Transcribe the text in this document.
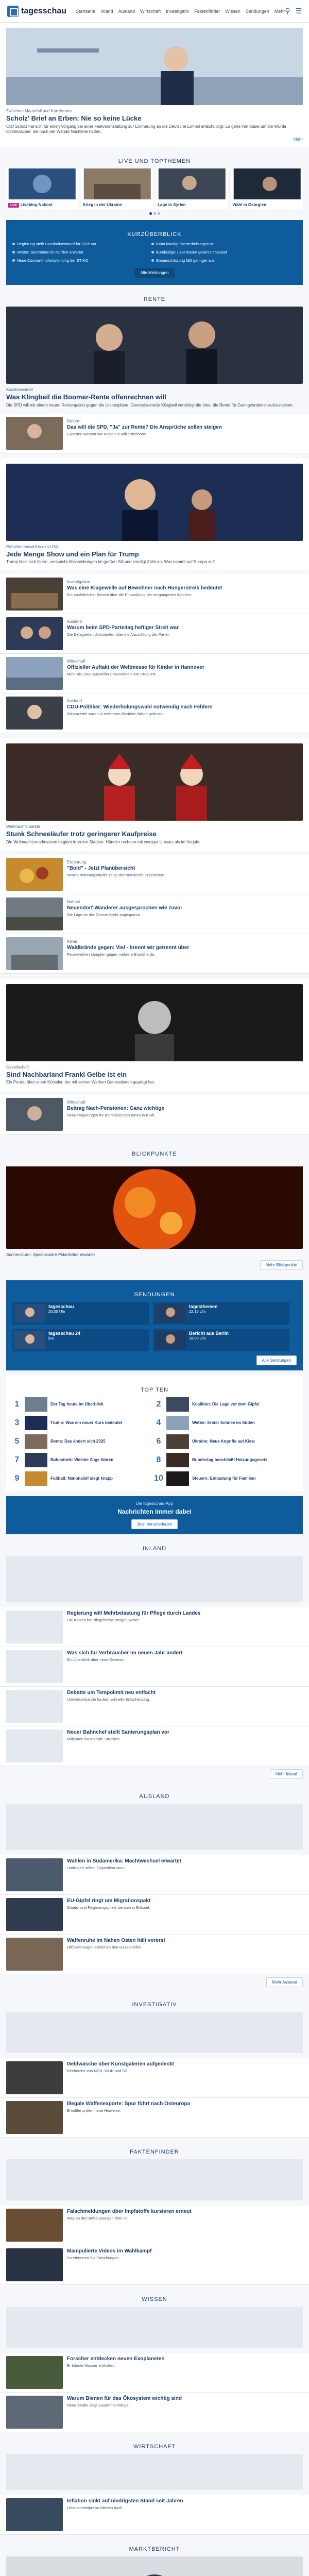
tagesschau Startseite Inland Ausland Wirtschaft Investigativ Faktenfinder Wissen Sendungen Mehr ⚲ ☰
Zwischen Mauerfall und Kanzleramt
Scholz' Brief an Erben: Nie so keine Lücke
Olaf Scholz hat sich für einen Vorgang bei einer Festveranstaltung zur Erinnerung an die Deutsche Einheit entschuldigt. Es gehe ihm dabei um die Würde Ostdeutscher, die nach der Wende Nachteile hatten.
Mehr
LIVE UND TOPTHEMEN
LIVE Liveblog Nahost	Krieg in der Ukraine	Lage in Syrien	Wahl in Georgien
KURZÜBERBLICK
Regierung stellt Haushaltsentwurf für 2025 vor	Bahn kündigt Preiserhöhungen an
Wetter: Sturmböen im Norden erwartet	Bundesliga: Leverkusen gewinnt Topspiel
Neue Corona-Impfempfehlung der STIKO	Steuerschätzung fällt geringer aus
Alle Meldungen
RENTE
Koalitionsstreit
Was Klingbeil die Boomer-Rente offenrechnen will
Die SPD will mit einem neuen Rentenpaket gegen die Unionspläne. Generalsekretär Klingbeil verteidigt die Idee, die Rente für Geringverdiener aufzustocken.
Reform
Das will die SPD, "Ja" zur Rente? Die Ansprüche sollen steigen
Experten warnen vor Kosten in Milliardenhöhe.
Präsidentenwahl in den USA
Jede Menge Show und ein Plan für Trump
Trump lässt sich feiern, verspricht Abschiebungen im großen Stil und kündigt Zölle an. Was kommt auf Europa zu?
Investigation
Was eine Klagewelle auf Bewohner nach Hungerstreik bedeutet
Ein ausführlicher Bericht über die Entwicklung der vergangenen Wochen.
Ausland
Warum beim SPD-Parteitag heftiger Streit war
Die Delegierten diskutierten über die Ausrichtung der Partei.
Wirtschaft
Offizieller Auftakt der Weltmesse für Kinder in Hannover
Mehr als 1000 Aussteller präsentieren ihre Produkte.
Ausland
CDU-Politiker: Wiederholungswahl notwendig nach Fehlern
Stimmzettel waren in mehreren Bezirken falsch gedruckt.
Weihnachtsmärkte
Stunk Schneeläufer trotz geringerer Kaufpreise
Die Weihnachtsmarktsaison beginnt in vielen Städten. Händler rechnen mit weniger Umsatz als im Vorjahr.
Ernährung
"Bold" - Jetzt Planübersicht
Neue Ernährungsstudie zeigt überraschende Ergebnisse.
Nahost
Neuendorf-Wanderer ausgesprochen wie zuvor
Die Lage an der Grenze bleibt angespannt.
Klima
Waldbrände gegen: Viel - brennt wir getrennt über
Feuerwehren kämpfen gegen mehrere Brandherde.
Gesellschaft
Sind Nachbarland Frankl Gelbe ist ein
Ein Porträt über einen Künstler, der mit seinen Werken Generationen geprägt hat.
Wirtschaft
Beitrag Nach-Pensionen: Ganz wichtige
Neue Regelungen für Betriebsrenten treten in Kraft.
BLICKPUNKTE
Sonnensturm: Spektakuläre Polarlichter erwartet
Mehr Blickpunkte
SENDUNGEN
tagesschau
20:00 Uhr
tagesthemen
22:15 Uhr
tagesschau 24
live
Bericht aus Berlin
18:00 Uhr
Alle Sendungen
TOP TEN
1	Der Tag heute im Überblick	2	Koalition: Die Lage vor dem Gipfel
3	Trump: Was ein neuer Kurs bedeutet	4	Wetter: Erster Schnee im Süden
5	Rente: Das ändert sich 2025	6	Ukraine: Neue Angriffe auf Kiew
7	Bahnstreik: Welche Züge fahren	8	Bundestag beschließt Heizungsgesetz
9	Fußball: Nationalelf siegt knapp	10	Steuern: Entlastung für Familien
Die tagesschau-App
Nachrichten immer dabei
Jetzt herunterladen
INLAND
Regierung will Mehrbelastung für Pflege durch Landes
Die Kosten für Pflegeheime steigen weiter.
Was sich für Verbraucher im neuen Jahr ändert
Ein Überblick über neue Gesetze.
Debatte um Tempolimit neu entfacht
Umweltverbände fordern schnelle Entscheidung.
Neuer Bahnchef stellt Sanierungsplan vor
Milliarden für marode Strecken.
Mehr Inland
AUSLAND
Wahlen in Südamerika: Machtwechsel erwartet
Umfragen sehen Opposition vorn.
EU-Gipfel ringt um Migrationspakt
Staats- und Regierungschefs beraten in Brüssel.
Waffenruhe im Nahen Osten hält vorerst
Hilfslieferungen erreichen den Gazastreifen.
Mehr Ausland
INVESTIGATIV
Geldwäsche über Kunstgalerien aufgedeckt
Recherche von NDR, WDR und SZ.
Illegale Waffenexporte: Spur führt nach Osteuropa
Ermittler prüfen neue Hinweise.
FAKTENFINDER
Falschmeldungen über Impfstoffe kursieren erneut
Was an den Behauptungen dran ist.
Manipulierte Videos im Wahlkampf
So erkennen Sie Fälschungen.
WISSEN
Forscher entdecken neuen Exoplaneten
Er könnte Wasser enthalten.
Warum Bienen für das Ökosystem wichtig sind
Neue Studie zeigt Zusammenhänge.
WIRTSCHAFT
Inflation sinkt auf niedrigsten Stand seit Jahren
Lebensmittelpreise bleiben hoch.
MARKTBERICHT
